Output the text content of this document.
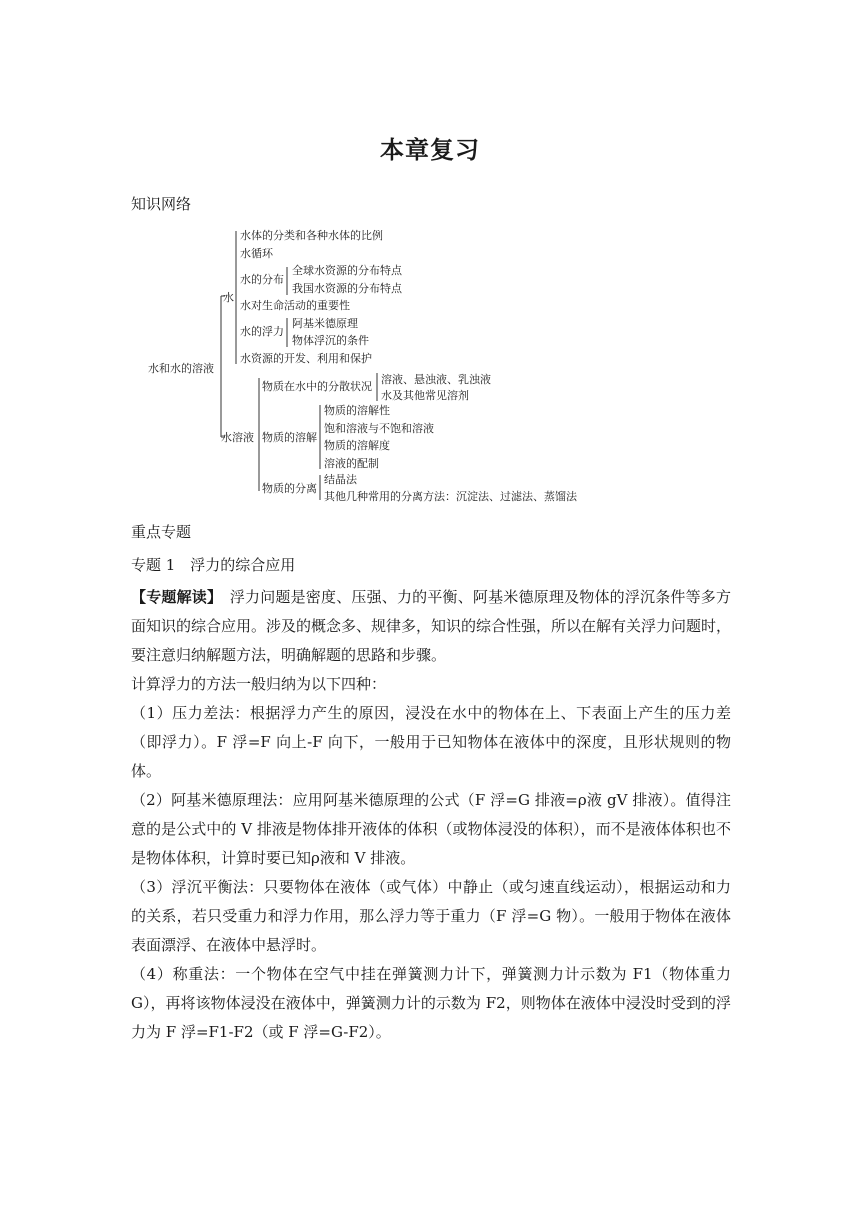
本章复习
知识网络
水和水的溶液
水
水体的分类和各种水体的比例
水循环
水的分布
全球水资源的分布特点
我国水资源的分布特点
水对生命活动的重要性
水的浮力
阿基米德原理
物体浮沉的条件
水资源的开发、利用和保护
水溶液
物质在水中的分散状况
溶液、悬浊液、乳浊液
水及其他常见溶剂
物质的溶解
物质的溶解性
饱和溶液与不饱和溶液
物质的溶解度
溶液的配制
物质的分离
结晶法
其他几种常用的分离方法：沉淀法、过滤法、蒸馏法
重点专题
专题 1　浮力的综合应用

【专题解读】　浮力问题是密度、压强、力的平衡、阿基米德原理及物体的浮沉条件等多方面知识的综合应用。涉及的概念多、规律多，知识的综合性强，所以在解有关浮力问题时，要注意归纳解题方法，明确解题的思路和步骤。

计算浮力的方法一般归纳为以下四种：

（1）压力差法：根据浮力产生的原因，浸没在水中的物体在上、下表面上产生的压力差（即浮力）。F 浮=F 向上-F 向下，一般用于已知物体在液体中的深度，且形状规则的物体。

（2）阿基米德原理法：应用阿基米德原理的公式（F 浮=G 排液=ρ液 gV 排液）。值得注意的是公式中的 V 排液是物体排开液体的体积（或物体浸没的体积），而不是液体体积也不是物体体积，计算时要已知ρ液和 V 排液。

（3）浮沉平衡法：只要物体在液体（或气体）中静止（或匀速直线运动），根据运动和力的关系，若只受重力和浮力作用，那么浮力等于重力（F 浮=G 物）。一般用于物体在液体表面漂浮、在液体中悬浮时。

（4）称重法：一个物体在空气中挂在弹簧测力计下，弹簧测力计示数为 F1（物体重力 G），再将该物体浸没在液体中，弹簧测力计的示数为 F2，则物体在液体中浸没时受到的浮力为 F 浮=F1-F2（或 F 浮=G-F2）。
